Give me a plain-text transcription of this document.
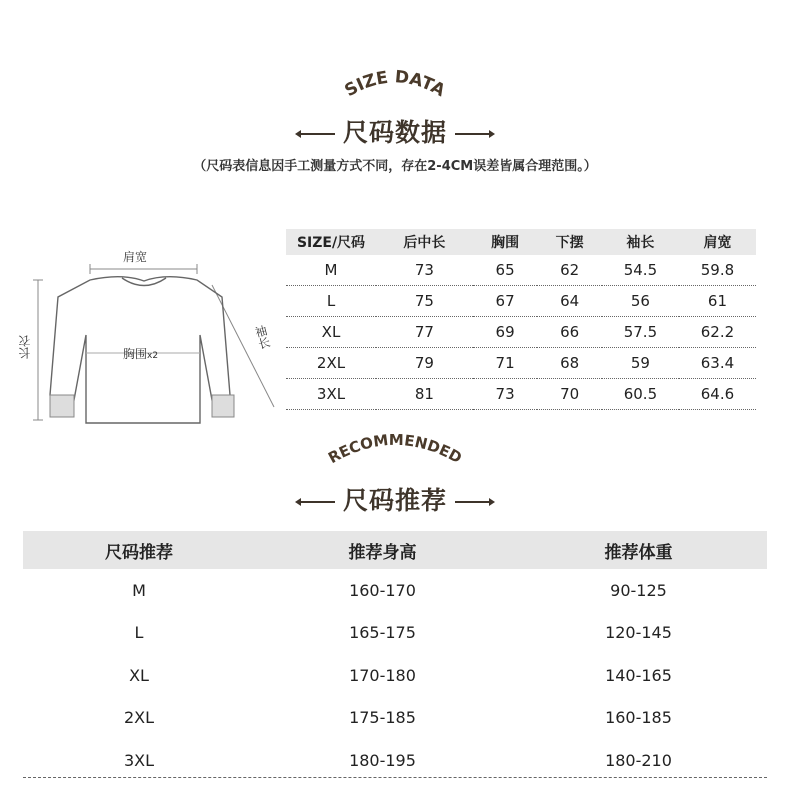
SIZE DATA
尺码数据
（尺码表信息因手工测量方式不同，存在2-4CM误差皆属合理范围。）
肩宽
胸围x2
长衣	袖长
SIZE/尺码	后中长	胸围	下摆	袖长	肩宽
M	73	65	62	54.5	59.8
L	75	67	64	56	61
XL	77	69	66	57.5	62.2
2XL	79	71	68	59	63.4
3XL	81	73	70	60.5	64.6
RECOMMENDED
尺码推荐
尺码推荐	推荐身高	推荐体重
M	160-170	90-125
L	165-175	120-145
XL	170-180	140-165
2XL	175-185	160-185
3XL	180-195	180-210
